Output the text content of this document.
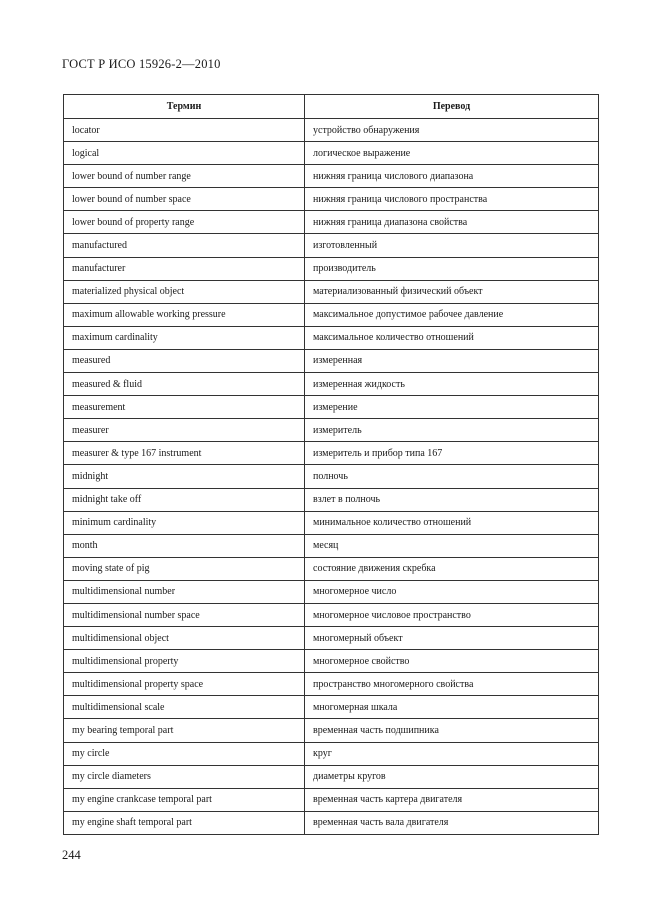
ГОСТ Р ИСО 15926-2—2010
Термин	Перевод
locator	устройство обнаружения
logical	логическое выражение
lower bound of number range	нижняя граница числового диапазона
lower bound of number space	нижняя граница числового пространства
lower bound of property range	нижняя граница диапазона свойства
manufactured	изготовленный
manufacturer	производитель
materialized physical object	материализованный физический объект
maximum allowable working pressure	максимальное допустимое рабочее давление
maximum cardinality	максимальное количество отношений
measured	измеренная
measured & fluid	измеренная жидкость
measurement	измерение
measurer	измеритель
measurer & type 167 instrument	измеритель и прибор типа 167
midnight	полночь
midnight take off	взлет в полночь
minimum cardinality	минимальное количество отношений
month	месяц
moving state of pig	состояние движения скребка
multidimensional number	многомерное число
multidimensional number space	многомерное числовое пространство
multidimensional object	многомерный объект
multidimensional property	многомерное свойство
multidimensional property space	пространство многомерного свойства
multidimensional scale	многомерная шкала
my bearing temporal part	временная часть подшипника
my circle	круг
my circle diameters	диаметры кругов
my engine crankcase temporal part	временная часть картера двигателя
my engine shaft temporal part	временная часть вала двигателя
244
